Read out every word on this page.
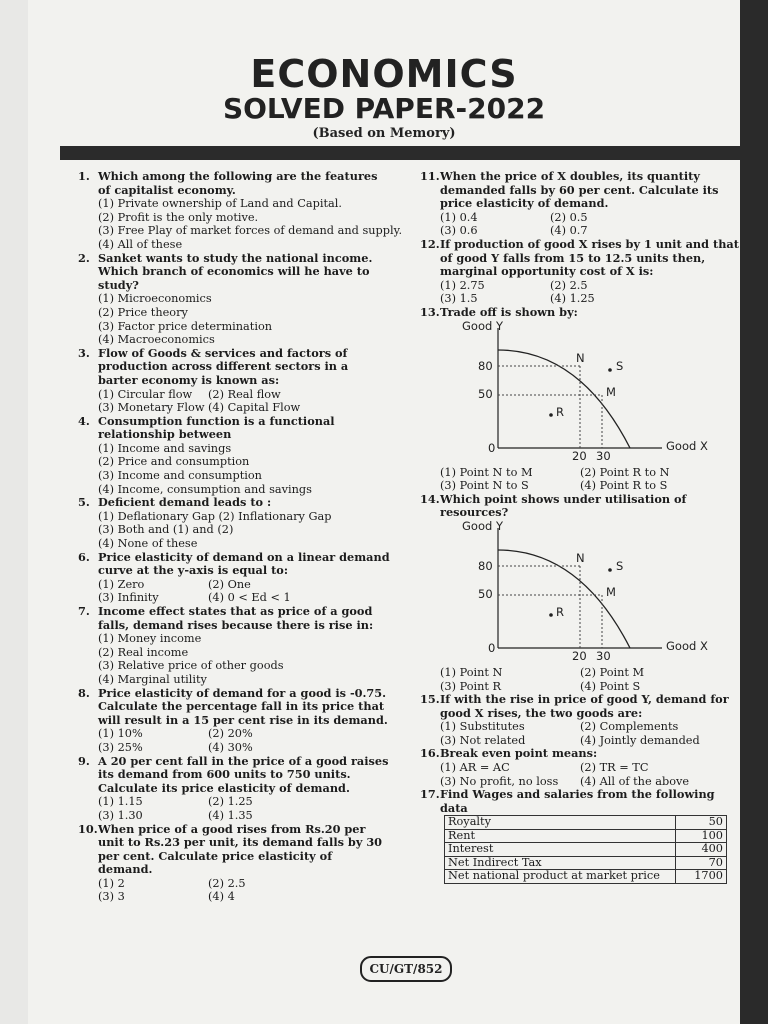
ECONOMICS
SOLVED PAPER-2022
(Based on Memory)
1. Which among the following are the features of capitalist economy.
(1) Private ownership of Land and Capital.
(2) Profit is the only motive.
(3) Free Play of market forces of demand and supply.
(4) All of these
2. Sanket wants to study the national income. Which branch of economics will he have to study?
(1) Microeconomics
(2) Price theory
(3) Factor price determination
(4) Macroeconomics
3. Flow of Goods & services and factors of production across different sectors in a barter economy is known as:
(1) Circular flow	(2) Real flow
(3) Monetary Flow (4) Capital Flow
4. Consumption function is a functional relationship between
(1) Income and savings
(2) Price and consumption
(3) Income and consumption
(4) Income, consumption and savings
5. Deficient demand leads to :
(1) Deflationary Gap (2) Inflationary Gap
(3) Both and (1) and (2)
(4) None of these
6. Price elasticity of demand on a linear demand curve at the y-axis is equal to:
(1) Zero	(2) One
(3) Infinity	(4) 0 < Ed < 1
7. Income effect states that as price of a good falls, demand rises because there is rise in:
(1) Money income
(2) Real income
(3) Relative price of other goods
(4) Marginal utility
8. Price elasticity of demand for a good is -0.75. Calculate the percentage fall in its price that will result in a 15 per cent rise in its demand.
(1) 10%	(2) 20%
(3) 25%	(4) 30%
9. A 20 per cent fall in the price of a good raises its demand from 600 units to 750 units. Calculate its price elasticity of demand.
(1) 1.15	(2) 1.25
(3) 1.30	(4) 1.35
10. When price of a good rises from Rs.20 per unit to Rs.23 per unit, its demand falls by 30 per cent. Calculate price elasticity of demand.
(1) 2	(2) 2.5
(3) 3	(4) 4
11. When the price of X doubles, its quantity demanded falls by 60 per cent. Calculate its price elasticity of demand.
(1) 0.4	(2) 0.5
(3) 0.6	(4) 0.7
12. If production of good X rises by 1 unit and that of good Y falls from 15 to 12.5 units then, marginal opportunity cost of X is:
(1) 2.75	(2) 2.5
(3) 1.5	(4) 1.25
13. Trade off is shown by:
Good Y
80
50
0
20 30
Good X
N
S
M
R
(1) Point N to M	(2) Point R to N
(3) Point N to S	(4) Point R to S
14. Which point shows under utilisation of resources?
Good Y
80
50
0
20 30
Good X
N
S
M
R
(1) Point N	(2) Point M
(3) Point R	(4) Point S
15. If with the rise in price of good Y, demand for good X rises, the two goods are:
(1) Substitutes	(2) Complements
(3) Not related	(4) Jointly demanded
16. Break even point means:
(1) AR = AC	(2) TR = TC
(3) No profit, no loss	(4) All of the above
17. Find Wages and salaries from the following data
Royalty	50
Rent	100
Interest	400
Net Indirect Tax	70
Net national product at market price	1700
CU/GT/852
